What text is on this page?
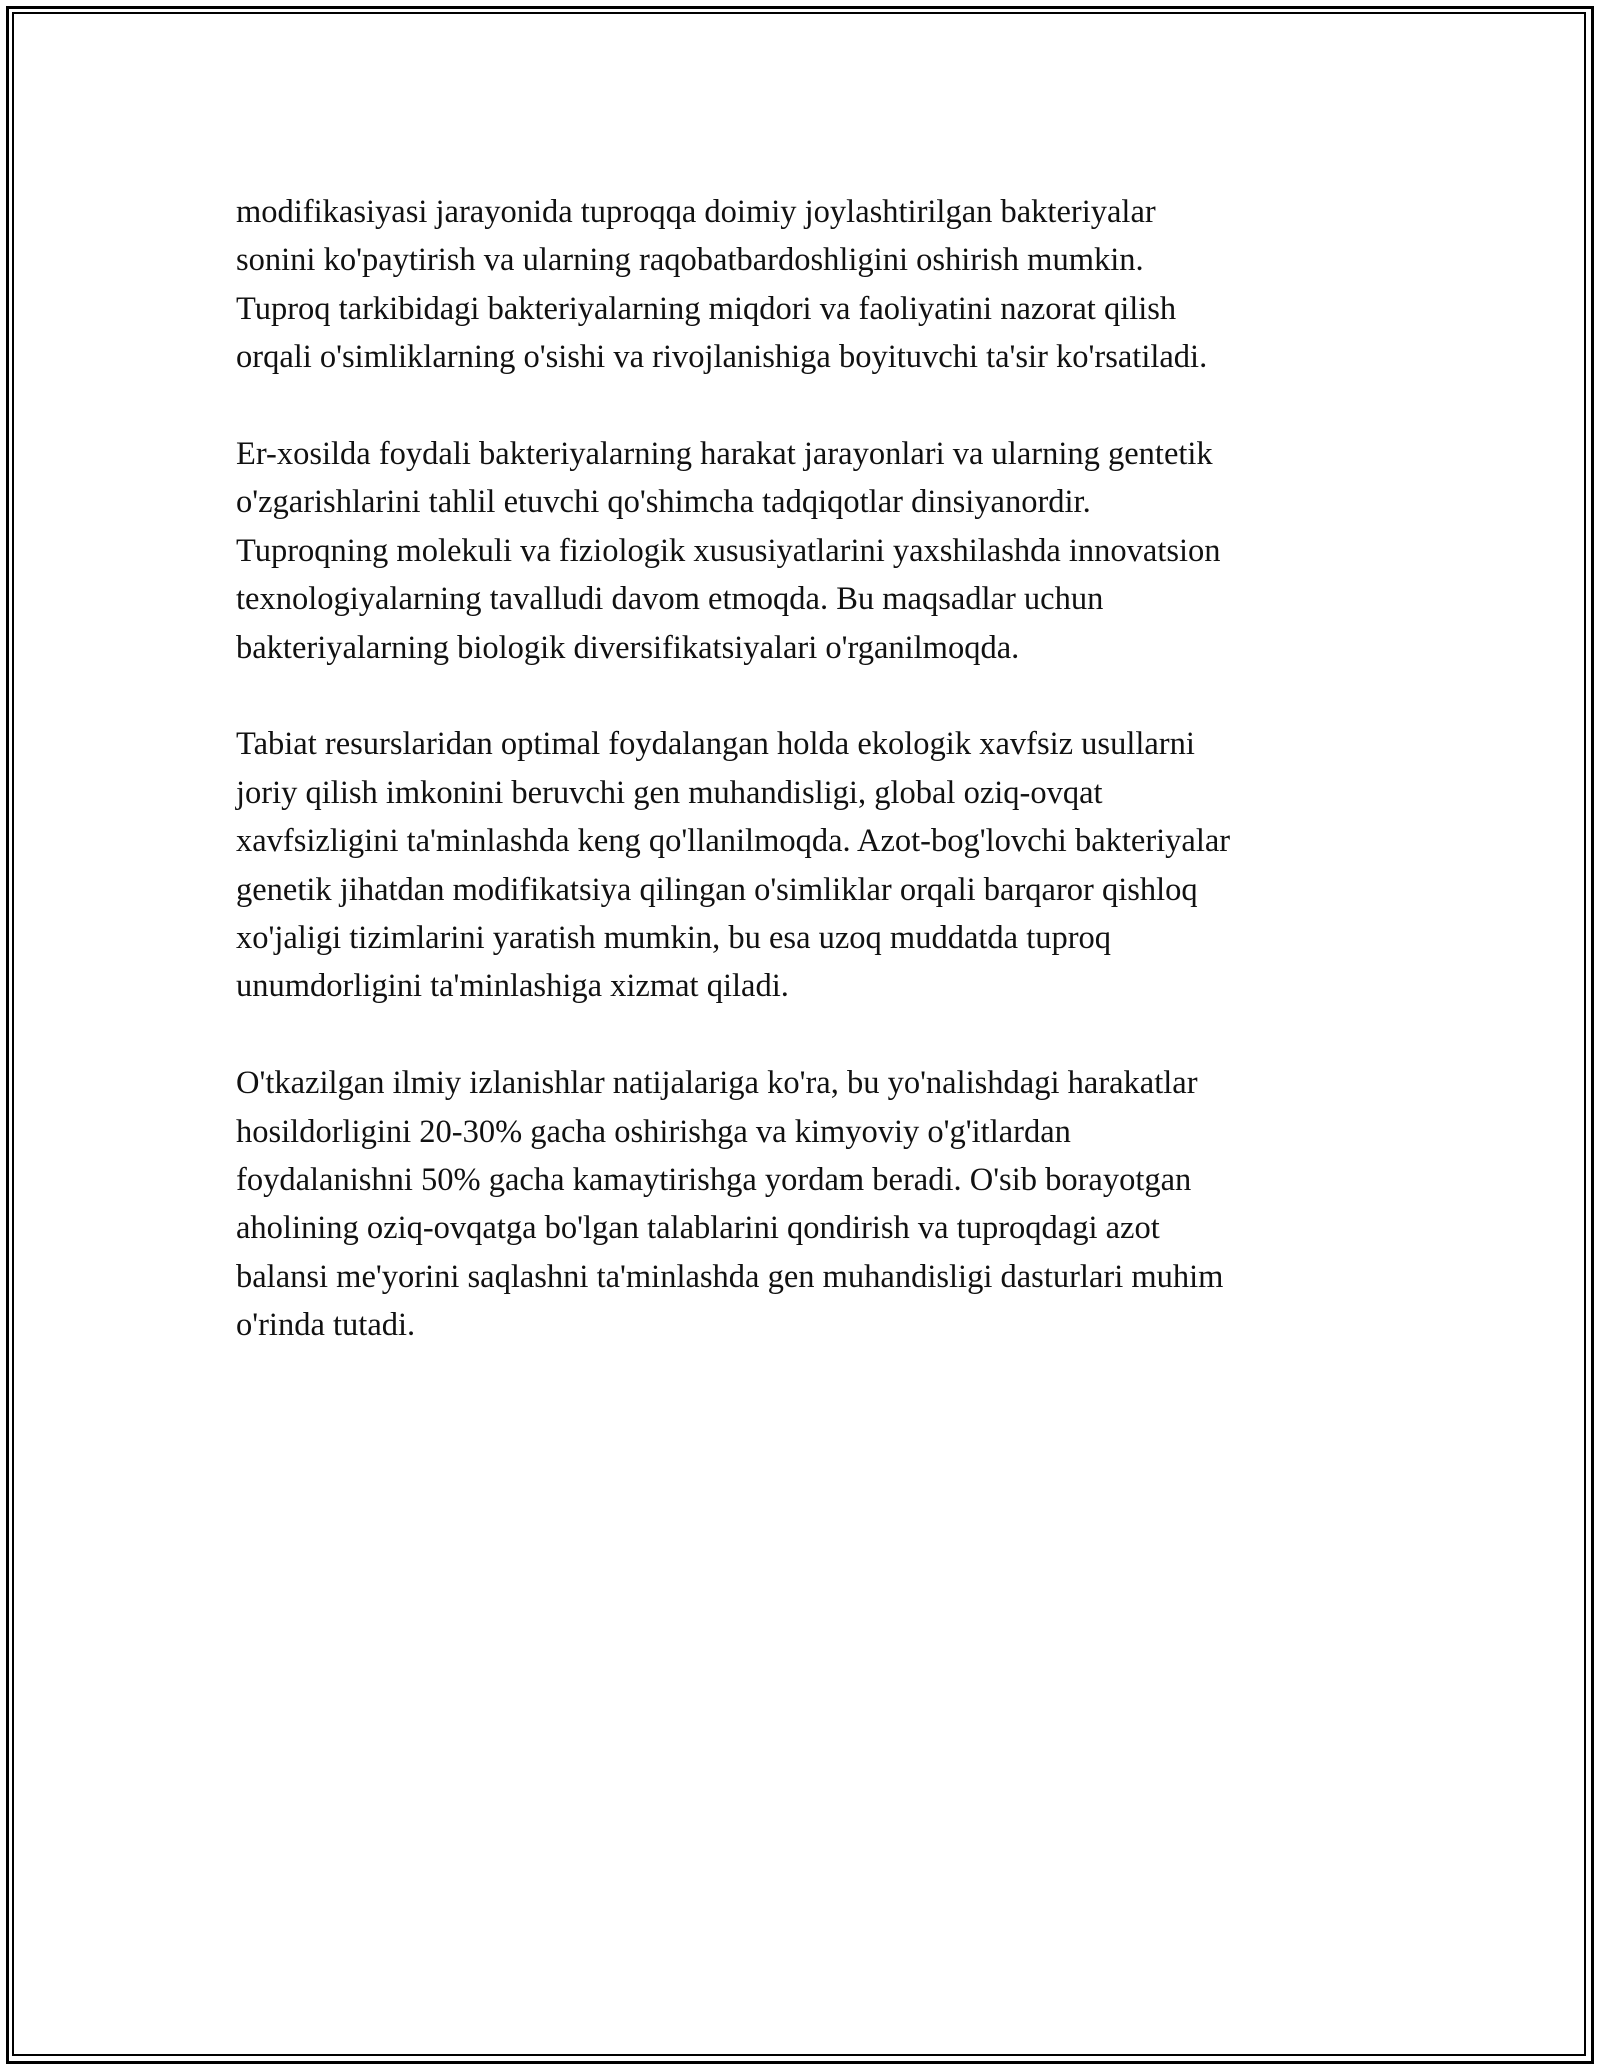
modifikasiyasi jarayonida tuproqqa doimiy joylashtirilgan bakteriyalar
sonini ko'paytirish va ularning raqobatbardoshligini oshirish mumkin.
Tuproq tarkibidagi bakteriyalarning miqdori va faoliyatini nazorat qilish
orqali o'simliklarning o'sishi va rivojlanishiga boyituvchi ta'sir ko'rsatiladi.

Er-xosilda foydali bakteriyalarning harakat jarayonlari va ularning gentetik
o'zgarishlarini tahlil etuvchi qo'shimcha tadqiqotlar dinsiyanordir.
Tuproqning molekuli va fiziologik xususiyatlarini yaxshilashda innovatsion
texnologiyalarning tavalludi davom etmoqda. Bu maqsadlar uchun
bakteriyalarning biologik diversifikatsiyalari o'rganilmoqda.

Tabiat resurslaridan optimal foydalangan holda ekologik xavfsiz usullarni
joriy qilish imkonini beruvchi gen muhandisligi, global oziq-ovqat
xavfsizligini ta'minlashda keng qo'llanilmoqda. Azot-bog'lovchi bakteriyalar
genetik jihatdan modifikatsiya qilingan o'simliklar orqali barqaror qishloq
xo'jaligi tizimlarini yaratish mumkin, bu esa uzoq muddatda tuproq
unumdorligini ta'minlashiga xizmat qiladi.

O'tkazilgan ilmiy izlanishlar natijalariga ko'ra, bu yo'nalishdagi harakatlar
hosildorligini 20-30% gacha oshirishga va kimyoviy o'g'itlardan
foydalanishni 50% gacha kamaytirishga yordam beradi. O'sib borayotgan
aholining oziq-ovqatga bo'lgan talablarini qondirish va tuproqdagi azot
balansi me'yorini saqlashni ta'minlashda gen muhandisligi dasturlari muhim
o'rinda tutadi.
